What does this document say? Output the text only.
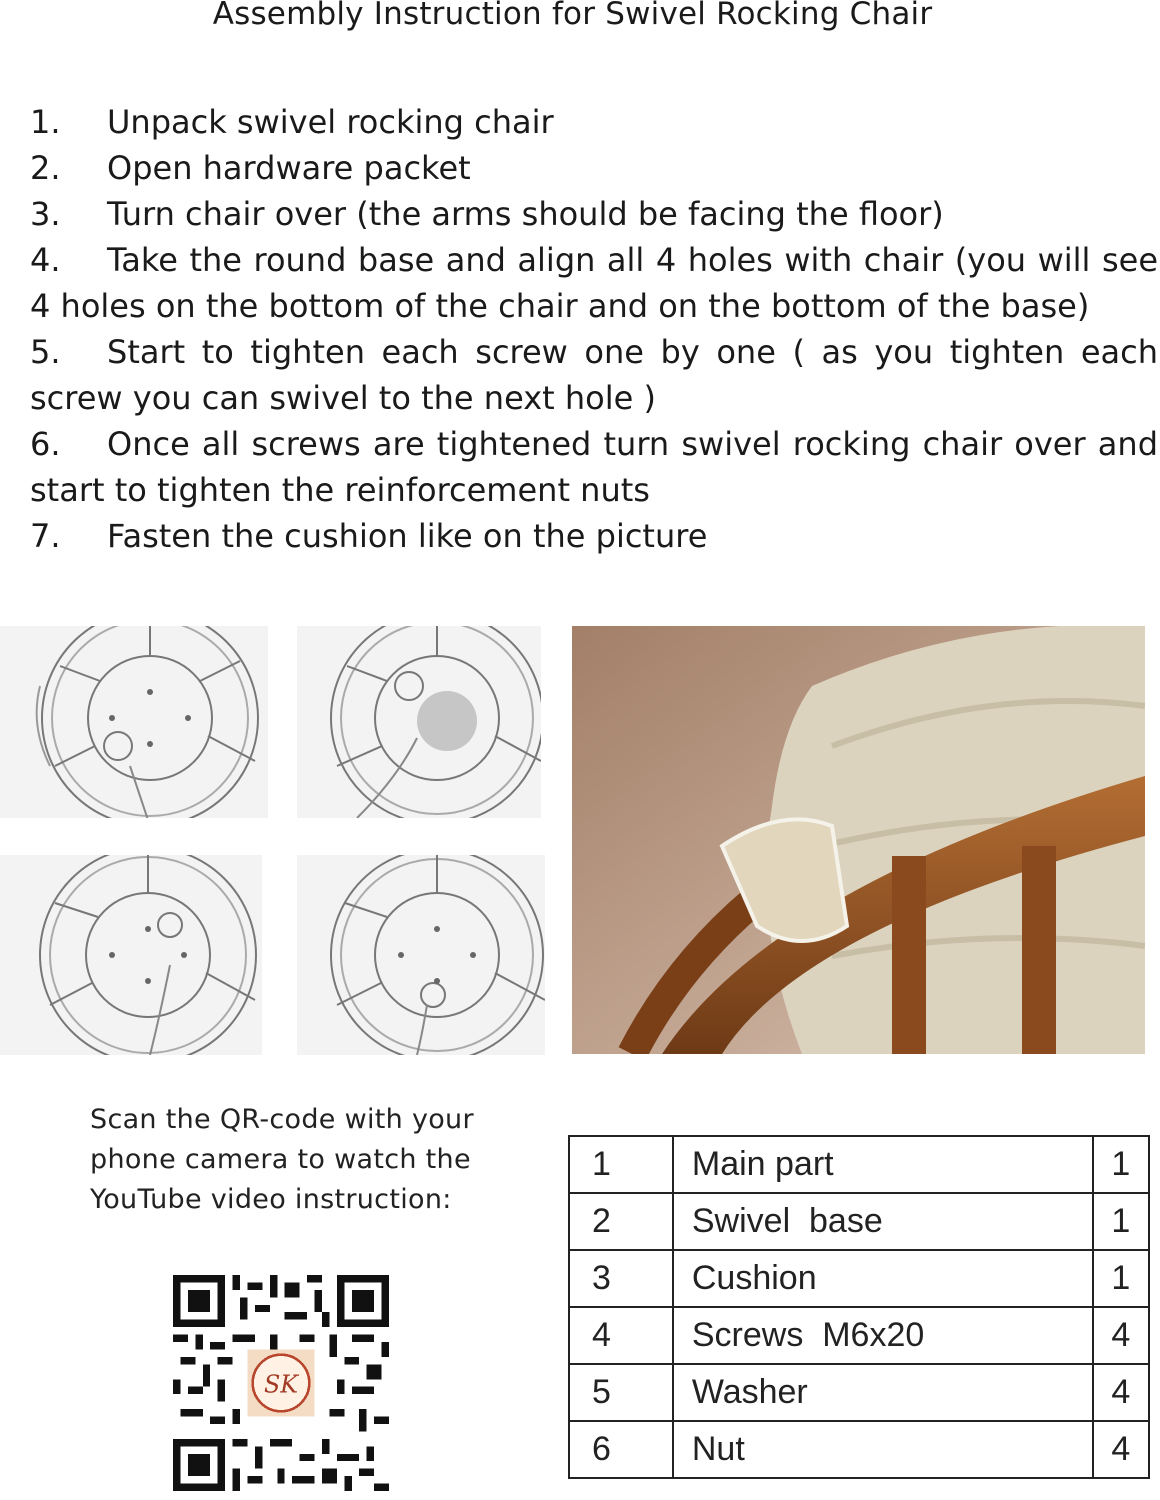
Assembly Instruction for Swivel Rocking Chair
1. Unpack swivel rocking chair
2. Open hardware packet
3. Turn chair over (the arms should be facing the floor)
4. Take the round base and align all 4 holes with chair (you will see 4 holes on the bottom of the chair and on the bottom of the base)
5. Start to tighten each screw one by one ( as you tighten each screw you can swivel to the next hole )
6. Once all screws are tightened turn swivel rocking chair over and start to tighten the reinforcement nuts
7. Fasten the cushion like on the picture
Scan the QR-code with your phone camera to watch the YouTube video instruction:
SK
1	Main part	1
2	Swivel  base	1
3	Cushion	1
4	Screws  M6x20	4
5	Washer	4
6	Nut	4
